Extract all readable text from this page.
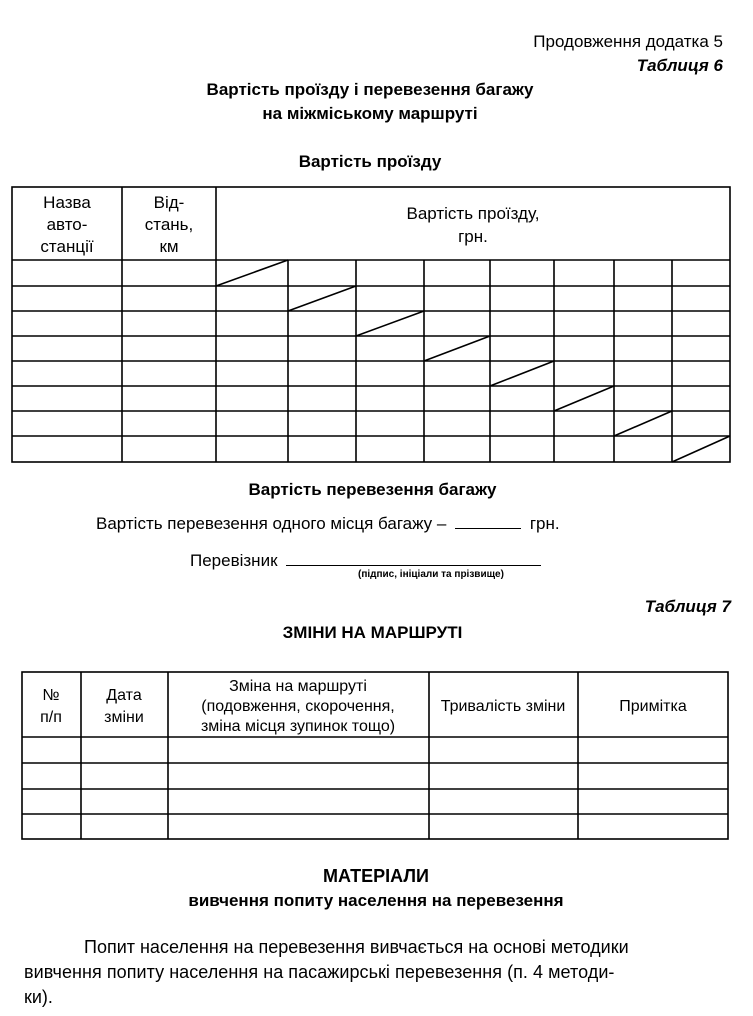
Продовження додатка 5
Таблиця 6
Вартість проїзду і перевезення багажу
на міжміському маршруті
Вартість проїзду
Назва
авто-
станції
Від-
стань,
км
Вартість проїзду,
грн.
Вартість перевезення багажу
Вартість перевезення одного місця багажу –	грн.
Перевізник
(підпис, ініціали та прізвище)
Таблиця 7
ЗМІНИ НА МАРШРУТІ
№
п/п
Дата
зміни
Зміна на маршруті
(подовження, скорочення,
зміна місця зупинок тощо)
Тривалість зміни	Примітка
МАТЕРІАЛИ
вивчення попиту населення на перевезення
Попит населення на перевезення вивчається на основі методики
вивчення попиту населення на пасажирські перевезення (п. 4 методи-
ки).
